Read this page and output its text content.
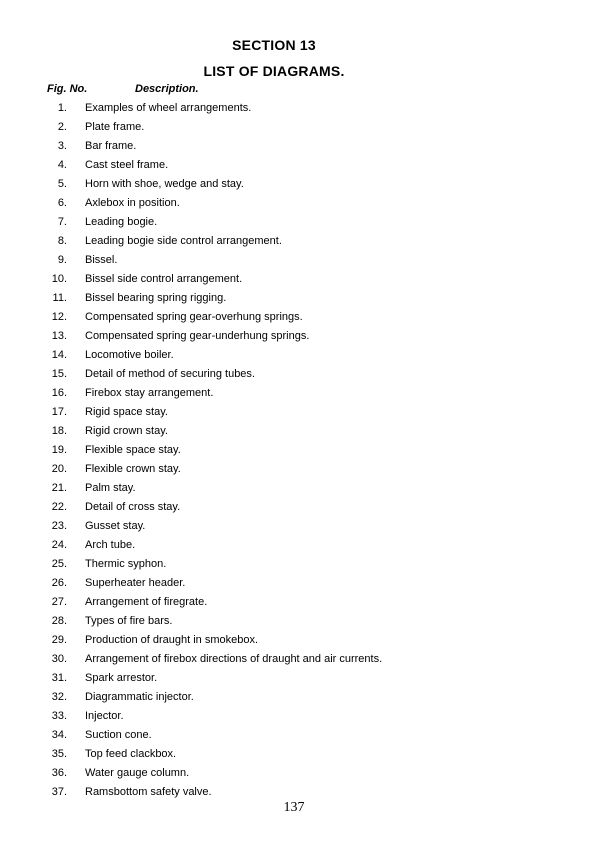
SECTION 13
LIST OF DIAGRAMS.
Fig. No.	Description.
1. Examples of wheel arrangements.
2. Plate frame.
3. Bar frame.
4. Cast steel frame.
5. Horn with shoe, wedge and stay.
6. Axlebox in position.
7. Leading bogie.
8. Leading bogie side control arrangement.
9. Bissel.
10. Bissel side control arrangement.
11. Bissel bearing spring rigging.
12. Compensated spring gear-overhung springs.
13. Compensated spring gear-underhung springs.
14. Locomotive boiler.
15. Detail of method of securing tubes.
16. Firebox stay arrangement.
17. Rigid space stay.
18. Rigid crown stay.
19. Flexible space stay.
20. Flexible crown stay.
21. Palm stay.
22. Detail of cross stay.
23. Gusset stay.
24. Arch tube.
25. Thermic syphon.
26. Superheater header.
27. Arrangement of firegrate.
28. Types of fire bars.
29. Production of draught in smokebox.
30. Arrangement of firebox directions of draught and air currents.
31. Spark arrestor.
32. Diagrammatic injector.
33. Injector.
34. Suction cone.
35. Top feed clackbox.
36. Water gauge column.
37. Ramsbottom safety valve.
137
